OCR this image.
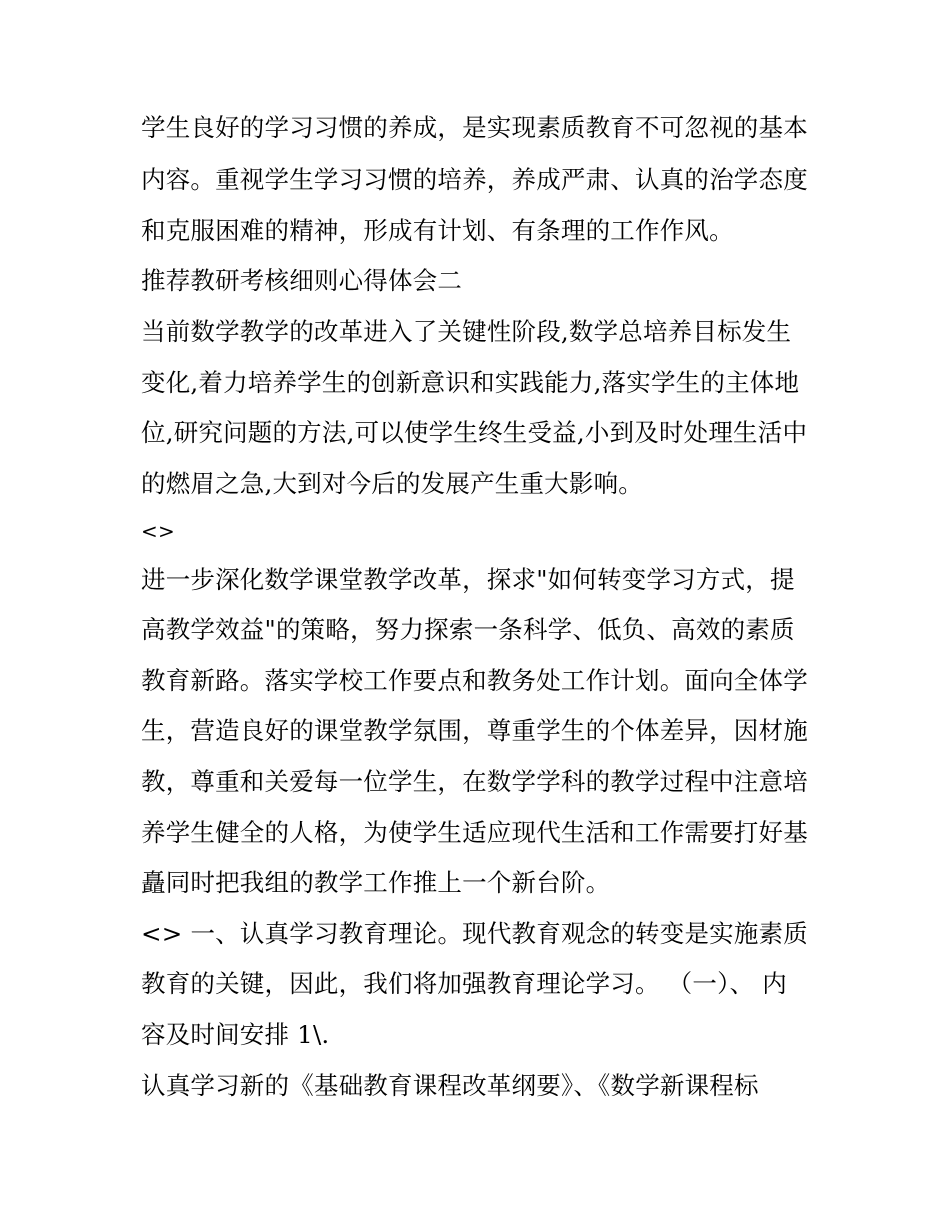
学生良好的学习习惯的养成，是实现素质教育不可忽视的基本
内容。重视学生学习习惯的培养，养成严肃、认真的治学态度
和克服困难的精神，形成有计划、有条理的工作作风。
推荐教研考核细则心得体会二
当前数学教学的改革进入了关键性阶段,数学总培养目标发生
变化,着力培养学生的创新意识和实践能力,落实学生的主体地
位,研究问题的方法,可以使学生终生受益,小到及时处理生活中
的燃眉之急,大到对今后的发展产生重大影响。
<>
进一步深化数学课堂教学改革，探求"如何转变学习方式，提
高教学效益"的策略，努力探索一条科学、低负、高效的素质
教育新路。落实学校工作要点和教务处工作计划。面向全体学
生，营造良好的课堂教学氛围，尊重学生的个体差异，因材施
教，尊重和关爱每一位学生，在数学学科的教学过程中注意培
养学生健全的人格，为使学生适应现代生活和工作需要打好基
矗同时把我组的教学工作推上一个新台阶。
<> 一、认真学习教育理论。现代教育观念的转变是实施素质
教育的关键，因此，我们将加强教育理论学习。 （一）、 内
容及时间安排 1\.
认真学习新的《基础教育课程改革纲要》、《数学新课程标
